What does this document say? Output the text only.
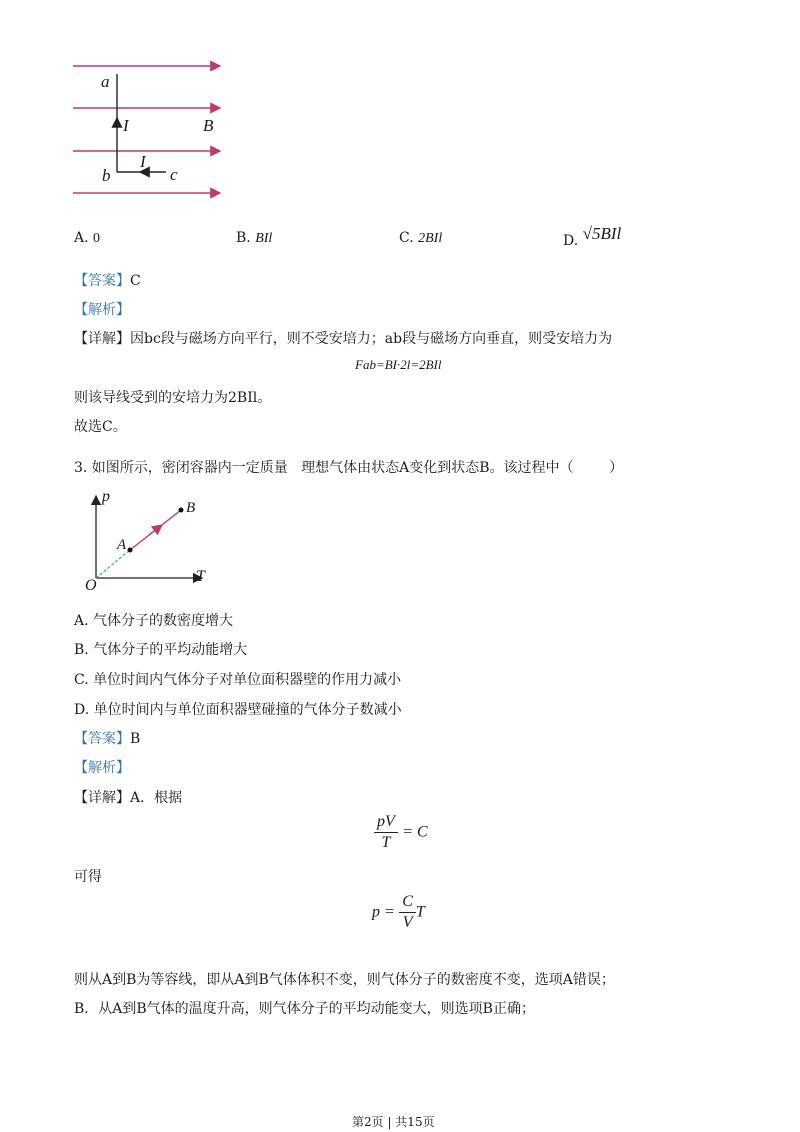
a
I	B
I
b	c
A. 0	B. BIl	C. 2BIl	D. √5BIl
【答案】C
【解析】
【详解】因bc段与磁场方向平行，则不受安培力；ab段与磁场方向垂直，则受安培力为
Fab=BI·2l=2BIl
则该导线受到的安培力为2BIl。
故选C。
3. 如图所示，密闭容器内一定质量   理想气体由状态A变化到状态B。该过程中（        ）
p
B
A
T
O
A. 气体分子的数密度增大
B. 气体分子的平均动能增大
C. 单位时间内气体分子对单位面积器壁的作用力减小
D. 单位时间内与单位面积器壁碰撞的气体分子数减小
【答案】B
【解析】
【详解】A．根据
$\frac{pV}{T} = C$
可得
$p = \frac{C}{V}$ T
则从A到B为等容线，即从A到B气体体积不变，则气体分子的数密度不变，选项A错误；
B．从A到B气体的温度升高，则气体分子的平均动能变大，则选项B正确；
第2页 | 共15页
